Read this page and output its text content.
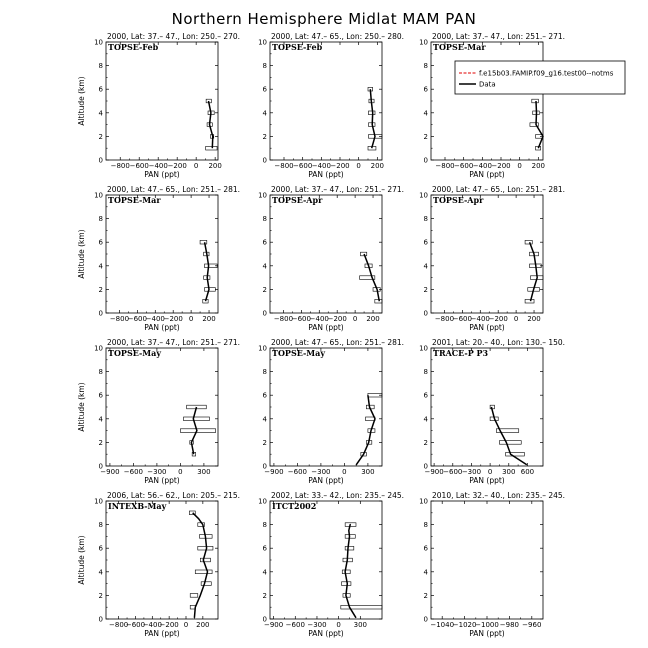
Northern Hemisphere Midlat MAM PAN
2000, Lat: 37.– 47., Lon: 250.– 270.
TOPSE-Feb
−800 −600 −400 −200 0 200
0
2
4
6
8
10
PAN (ppt)
Altitude (km)
2000, Lat: 47.– 65., Lon: 250.– 280.
TOPSE-Feb
−800 −600 −400 −200 0 200
0
2
4
6
8
10
PAN (ppt)
2000, Lat: 37.– 47., Lon: 251.– 271.
TOPSE-Mar
−800 −600 −400 −200 0 200
0
2
4
6
8
10
PAN (ppt)
2000, Lat: 47.– 65., Lon: 251.– 281.
TOPSE-Mar
−800
−600
−400
−200 0 200
0
2
4
6
8
10
PAN (ppt)
Altitude (km)
2000, Lat: 37.– 47., Lon: 251.– 271.
TOPSE-Apr
−800
−600
−400
−200 0 200
0
2
4
6
8
10
PAN (ppt)
2000, Lat: 47.– 65., Lon: 251.– 281.
TOPSE-Apr
−800
−600
−400
−200 0 200
0
2
4
6
8
10
PAN (ppt)
2000, Lat: 37.– 47., Lon: 251.– 271.
TOPSE-May
−900 −600 −300 0 300
0
2
4
6
8
10
PAN (ppt)
Altitude (km)
2000, Lat: 47.– 65., Lon: 251.– 281.
TOPSE-May
−900 −600 −300 0 300
0
2
4
6
8
10
PAN (ppt)
2001, Lat: 20.– 40., Lon: 130.– 150.
TRACE-P P3
−900 −600 −300 0 300 600
0
2
4
6
8
10
PAN (ppt)
2006, Lat: 56.– 62., Lon: 205.– 215.
INTEXB-May
−800
−600
−400
−200 0 200
0
2
4
6
8
10
PAN (ppt)
Altitude (km)
2002, Lat: 33.– 42., Lon: 235.– 245.
ITCT2002
−900 −600 −300 0 300
0
2
4
6
8
10
PAN (ppt)
2010, Lat: 32.– 40., Lon: 235.– 245.
−1040
−1020
−1000 −980 −960
0
2
4
6
8
10
PAN (ppt)
f.e15b03.FAMIP.f09_g16.test00--notms
Data
